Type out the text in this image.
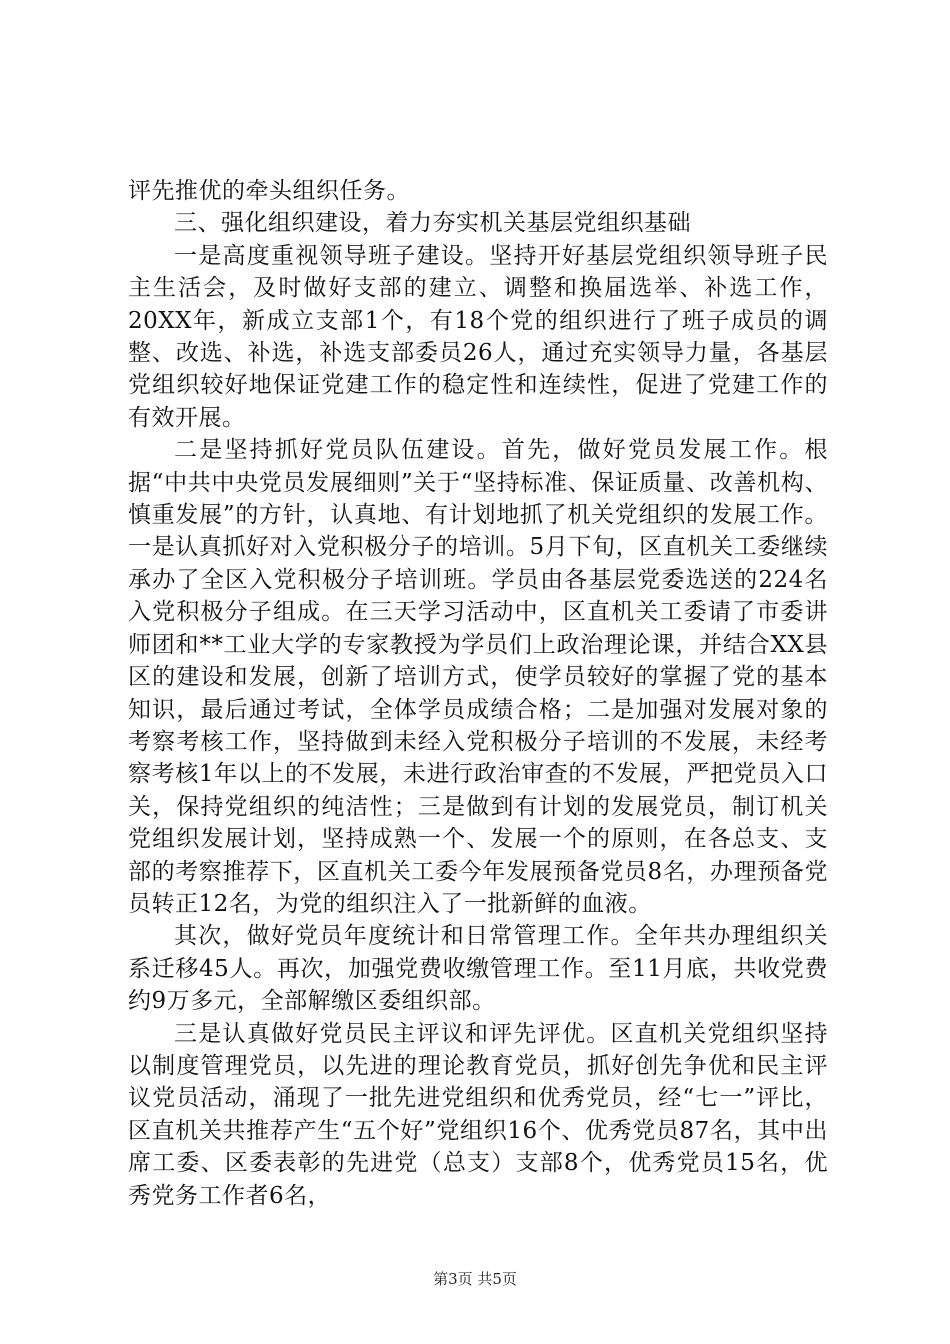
评先推优的牵头组织任务。

三、强化组织建设，着力夯实机关基层党组织基础

一是高度重视领导班子建设。坚持开好基层党组织领导班子民主生活会，及时做好支部的建立、调整和换届选举、补选工作，20XX年，新成立支部1个，有18个党的组织进行了班子成员的调整、改选、补选，补选支部委员26人，通过充实领导力量，各基层党组织较好地保证党建工作的稳定性和连续性，促进了党建工作的有效开展。

二是坚持抓好党员队伍建设。首先，做好党员发展工作。根据“中共中央党员发展细则”关于“坚持标准、保证质量、改善机构、慎重发展”的方针，认真地、有计划地抓了机关党组织的发展工作。一是认真抓好对入党积极分子的培训。5月下旬，区直机关工委继续承办了全区入党积极分子培训班。学员由各基层党委选送的224名入党积极分子组成。在三天学习活动中，区直机关工委请了市委讲师团和**工业大学的专家教授为学员们上政治理论课，并结合XX县区的建设和发展，创新了培训方式，使学员较好的掌握了党的基本知识，最后通过考试，全体学员成绩合格；二是加强对发展对象的考察考核工作，坚持做到未经入党积极分子培训的不发展，未经考察考核1年以上的不发展，未进行政治审查的不发展，严把党员入口关，保持党组织的纯洁性；三是做到有计划的发展党员，制订机关党组织发展计划，坚持成熟一个、发展一个的原则，在各总支、支部的考察推荐下，区直机关工委今年发展预备党员8名，办理预备党员转正12名，为党的组织注入了一批新鲜的血液。

其次，做好党员年度统计和日常管理工作。全年共办理组织关系迁移45人。再次，加强党费收缴管理工作。至11月底，共收党费约9万多元，全部解缴区委组织部。

三是认真做好党员民主评议和评先评优。区直机关党组织坚持以制度管理党员，以先进的理论教育党员，抓好创先争优和民主评议党员活动，涌现了一批先进党组织和优秀党员，经“七一”评比，区直机关共推荐产生“五个好”党组织16个、优秀党员87名，其中出席工委、区委表彰的先进党（总支）支部8个，优秀党员15名，优秀党务工作者6名，

第3页 共5页
